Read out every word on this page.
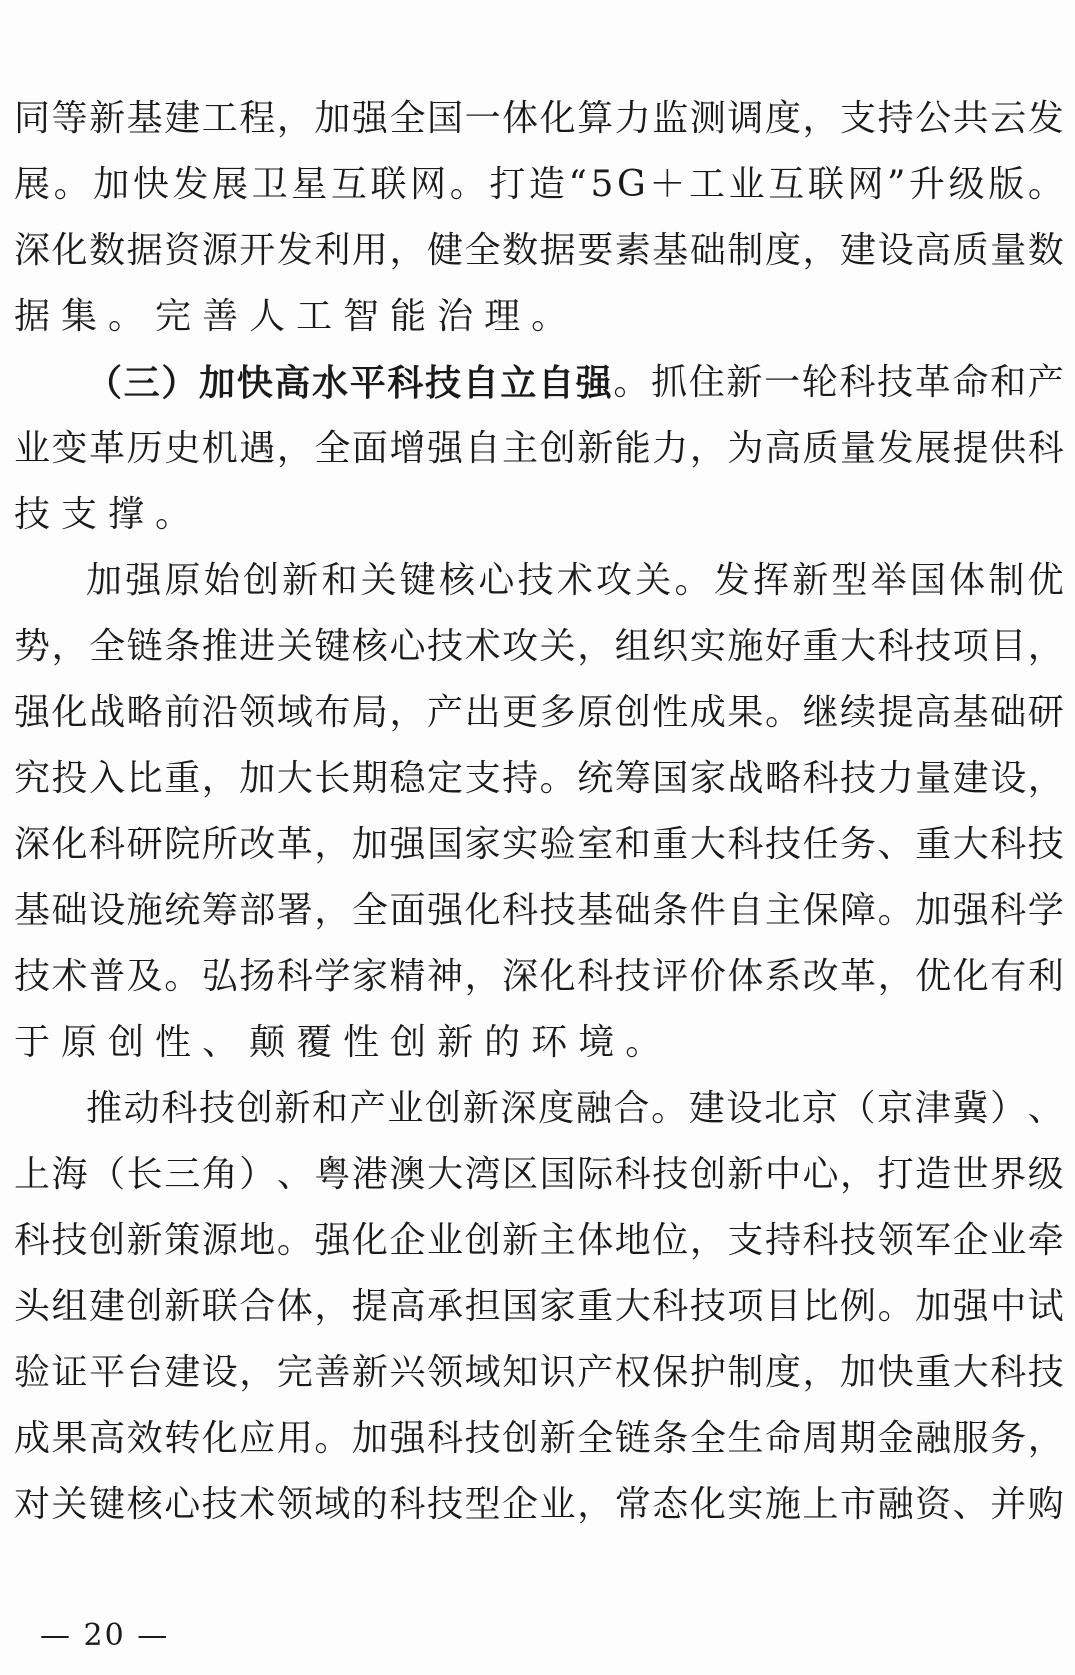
同 等 新 基 建 工 程 ， 加 强 全 国 一 体 化 算 力 监 测 调 度 ， 支 持 公 共 云 发
展 。 加 快 发 展 卫 星 互 联 网 。 打 造 “ 5 G ＋ 工 业 互 联 网 ” 升 级 版 。
深 化 数 据 资 源 开 发 利 用 ， 健 全 数 据 要 素 基 础 制 度 ， 建 设 高 质 量 数
据 集 。 完 善 人 工 智 能 治 理 。
（ 三 ） 加 快 高 水 平 科 技 自 立 自 强 。 抓 住 新 一 轮 科 技 革 命 和 产
业 变 革 历 史 机 遇 ， 全 面 增 强 自 主 创 新 能 力 ， 为 高 质 量 发 展 提 供 科
技 支 撑 。
加 强 原 始 创 新 和 关 键 核 心 技 术 攻 关 。 发 挥 新 型 举 国 体 制 优
势 ， 全 链 条 推 进 关 键 核 心 技 术 攻 关 ， 组 织 实 施 好 重 大 科 技 项 目 ，
强 化 战 略 前 沿 领 域 布 局 ， 产 出 更 多 原 创 性 成 果 。 继 续 提 高 基 础 研
究 投 入 比 重 ， 加 大 长 期 稳 定 支 持 。 统 筹 国 家 战 略 科 技 力 量 建 设 ，
深 化 科 研 院 所 改 革 ， 加 强 国 家 实 验 室 和 重 大 科 技 任 务 、 重 大 科 技
基 础 设 施 统 筹 部 署 ， 全 面 强 化 科 技 基 础 条 件 自 主 保 障 。 加 强 科 学
技 术 普 及 。 弘 扬 科 学 家 精 神 ， 深 化 科 技 评 价 体 系 改 革 ， 优 化 有 利
于 原 创 性 、 颠 覆 性 创 新 的 环 境 。
推 动 科 技 创 新 和 产 业 创 新 深 度 融 合 。 建 设 北 京 （ 京 津 冀 ） 、
上 海 （ 长 三 角 ） 、 粤 港 澳 大 湾 区 国 际 科 技 创 新 中 心 ， 打 造 世 界 级
科 技 创 新 策 源 地 。 强 化 企 业 创 新 主 体 地 位 ， 支 持 科 技 领 军 企 业 牵
头 组 建 创 新 联 合 体 ， 提 高 承 担 国 家 重 大 科 技 项 目 比 例 。 加 强 中 试
验 证 平 台 建 设 ， 完 善 新 兴 领 域 知 识 产 权 保 护 制 度 ， 加 快 重 大 科 技
成 果 高 效 转 化 应 用 。 加 强 科 技 创 新 全 链 条 全 生 命 周 期 金 融 服 务 ，
对 关 键 核 心 技 术 领 域 的 科 技 型 企 业 ， 常 态 化 实 施 上 市 融 资 、 并 购
— 20 —
